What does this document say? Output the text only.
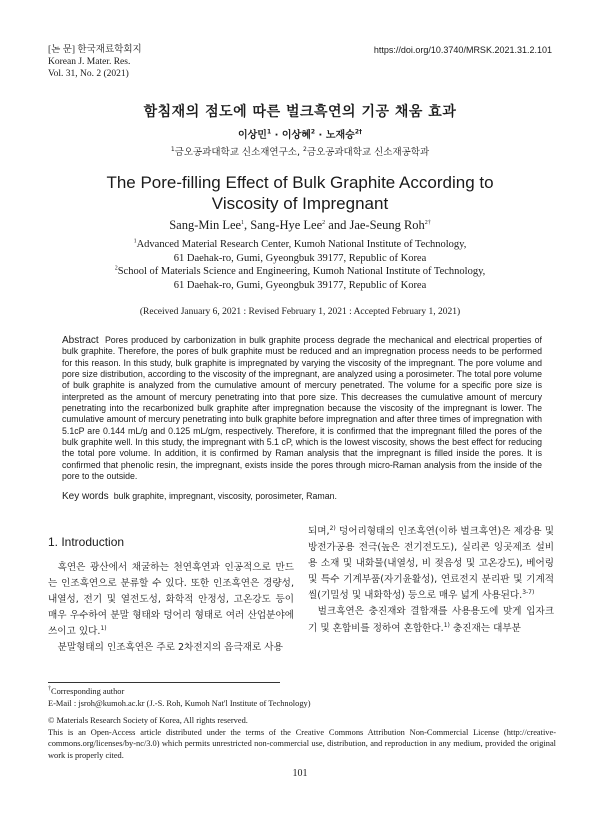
[논 문] 한국재료학회지
Korean J. Mater. Res.
Vol. 31, No. 2 (2021)
https://doi.org/10.3740/MRSK.2021.31.2.101
함침재의 점도에 따른 벌크흑연의 기공 채움 효과
이상민$^1$ · 이상혜$^2$ · 노재승$^{2\dagger}$
$^1$금오공과대학교 신소재연구소, $^2$금오공과대학교 신소재공학과
The Pore-filling Effect of Bulk Graphite According to
Viscosity of Impregnant
Sang-Min Lee$^1$, Sang-Hye Lee$^2$ and Jae-Seung Roh$^{2\dagger}$
$^1$Advanced Material Research Center, Kumoh National Institute of Technology,
61 Daehak-ro, Gumi, Gyeongbuk 39177, Republic of Korea
$^2$School of Materials Science and Engineering, Kumoh National Institute of Technology,
61 Daehak-ro, Gumi, Gyeongbuk 39177, Republic of Korea
(Received January 6, 2021 : Revised February 1, 2021 : Accepted February 1, 2021)
Abstract Pores produced by carbonization in bulk graphite process degrade the mechanical and electrical properties of bulk graphite. Therefore, the pores of bulk graphite must be reduced and an impregnation process needs to be performed for this reason. In this study, bulk graphite is impregnated by varying the viscosity of the impregnant. The pore volume and pore size distribution, according to the viscosity of the impregnant, are analyzed using a porosimeter. The total pore volume of bulk graphite is analyzed from the cumulative amount of mercury penetrated. The volume for a specific pore size is interpreted as the amount of mercury penetrating into that pore size. This decreases the cumulative amount of mercury penetrating into the recarbonized bulk graphite after impregnation because the viscosity of the impregnant is lower. The cumulative amount of mercury penetrating into bulk graphite before impregnation and after three times of impregnation with 5.1cP are 0.144 mL/g and 0.125 mL/gm, respectively. Therefore, it is confirmed that the impregnant filled the pores of the bulk graphite well. In this study, the impregnant with 5.1 cP, which is the lowest viscosity, shows the best effect for reducing the total pore volume. In addition, it is confirmed by Raman analysis that the impregnant is filled inside the pores. It is confirmed that phenolic resin, the impregnant, exists inside the pores through micro-Raman analysis from the inside of the pore to the outside.
Key words bulk graphite, impregnant, viscosity, porosimeter, Raman.
1. Introduction

흑연은 광산에서 채굴하는 천연흑연과 인공적으로 만드는 인조흑연으로 분류할 수 있다. 또한 인조흑연은 경량성, 내열성, 전기 및 열전도성, 화학적 안정성, 고온강도 등이 매우 우수하여 분말 형태와 덩어리 형태로 여러 산업분야에 쓰이고 있다.$^{1)}$

분말형태의 인조흑연은 주로 2차전지의 음극재로 사용

되며,$^{2)}$ 덩어리형태의 인조흑연(이하 벌크흑연)은 제강용 및 방전가공용 전극(높은 전기전도도), 실리콘 잉곳제조 설비용 소재 및 내화물(내열성, 비 젖음성 및 고온강도), 베어링 및 특수 기계부품(자기윤활성), 연료전지 분리판 및 기계적 씰(기밀성 및 내화학성) 등으로 매우 넓게 사용된다.$^{3-7)}$

벌크흑연은 충진재와 결합재를 사용용도에 맞게 입자크기 및 혼합비를 정하여 혼합한다.$^{1)}$ 충진재는 대부분

†Corresponding author
E-Mail : jsroh@kumoh.ac.kr (J.-S. Roh, Kumoh Nat'l Institute of Technology)
© Materials Research Society of Korea, All rights reserved.
This is an Open-Access article distributed under the terms of the Creative Commons Attribution Non-Commercial License (http://creative-commons.org/licenses/by-nc/3.0) which permits unrestricted non-commercial use, distribution, and reproduction in any medium, provided the original work is properly cited.
101
